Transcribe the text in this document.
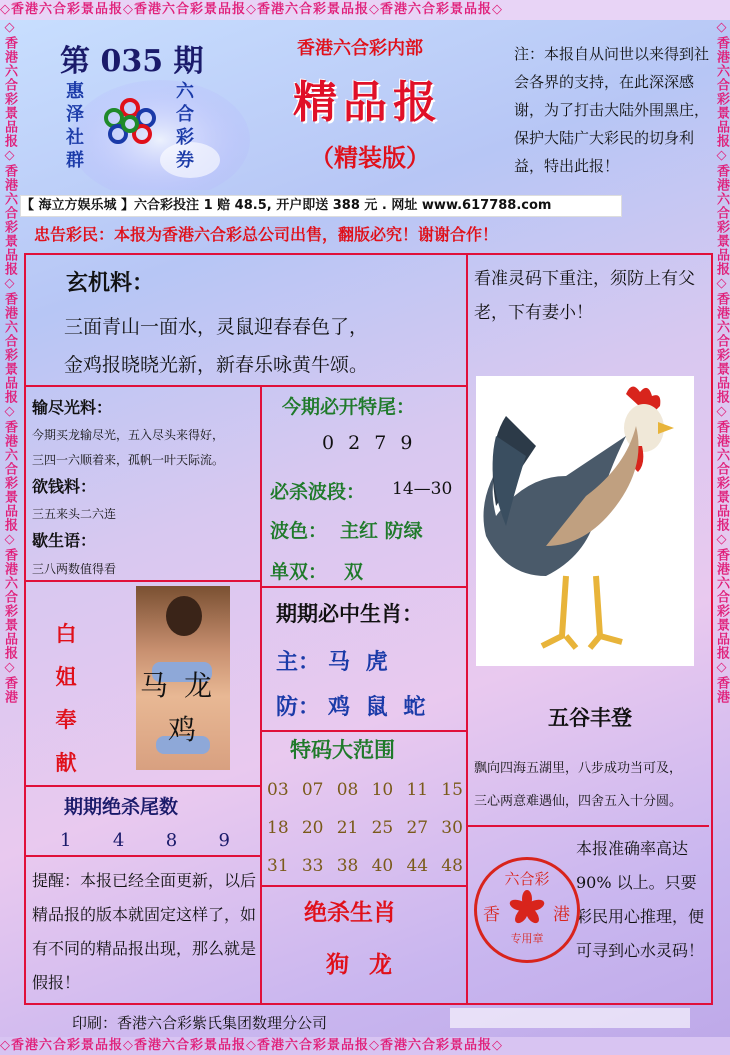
◇香港六合彩景品报◇香港六合彩景品报◇香港六合彩景品报◇香港六合彩景品报◇
◇香港六合彩景品报◇香港六合彩景品报◇香港六合彩景品报◇香港六合彩景品报◇
◇香港六合彩景品报◇香港六合彩景品报◇香港六合彩景品报◇香港六合彩景品报◇香港六合彩景品报◇香港	◇香港六合彩景品报◇香港六合彩景品报◇香港六合彩景品报◇香港六合彩景品报◇香港六合彩景品报◇香港
第 035 期
惠
泽
社
群
六
合
彩
券
香港六合彩内部
精品报
（精装版）
注：本报自从问世以来得到社会各界的支持，在此深深感谢，为了打击大陆外围黑庄，保护大陆广大彩民的切身利益，特出此报！
【 海立方娱乐城 】六合彩投注 1 赔 48.5, 开户即送 388 元 . 网址 www.617788.com
忠告彩民：本报为香港六合彩总公司出售，翻版必究！谢谢合作！
玄机料：
三面青山一面水，灵鼠迎春春色了，
金鸡报晓晓光新，新春乐咏黄牛颂。
看准灵码下重注，须防上有父老，下有妻小！
五谷丰登
飘向四海五湖里，八步成功当可及，
三心两意难遇仙，四舍五入十分圆。
输尽光料：
今期买龙输尽光，五入尽头来得好，
三四一六顺着来，孤帆一叶天际流。
欲钱料：
三五来头二六连
歇生语：
三八两数值得看
今期必开特尾：
0 2 7 9
必杀波段： 14—30
波色： 主红 防绿
单双： 双
白
姐
奉
献
马 龙
鸡
期期必中生肖：
主： 马 虎
防： 鸡 鼠 蛇
特码大范围
03 07 08 10 11 15
18 20 21 25 27 30
31 33 38 40 44 48
期期绝杀尾数
1 4 8 9
提醒：本报已经全面更新，以后精品报的版本就固定这样了，如有不同的精品报出现，那么就是假报！
绝杀生肖
狗 龙
本报准确率高达 90% 以上。只要彩民用心推理，便可寻到心水灵码！
六合彩
香	港
专用章
印刷：香港六合彩紫氏集团数理分公司
